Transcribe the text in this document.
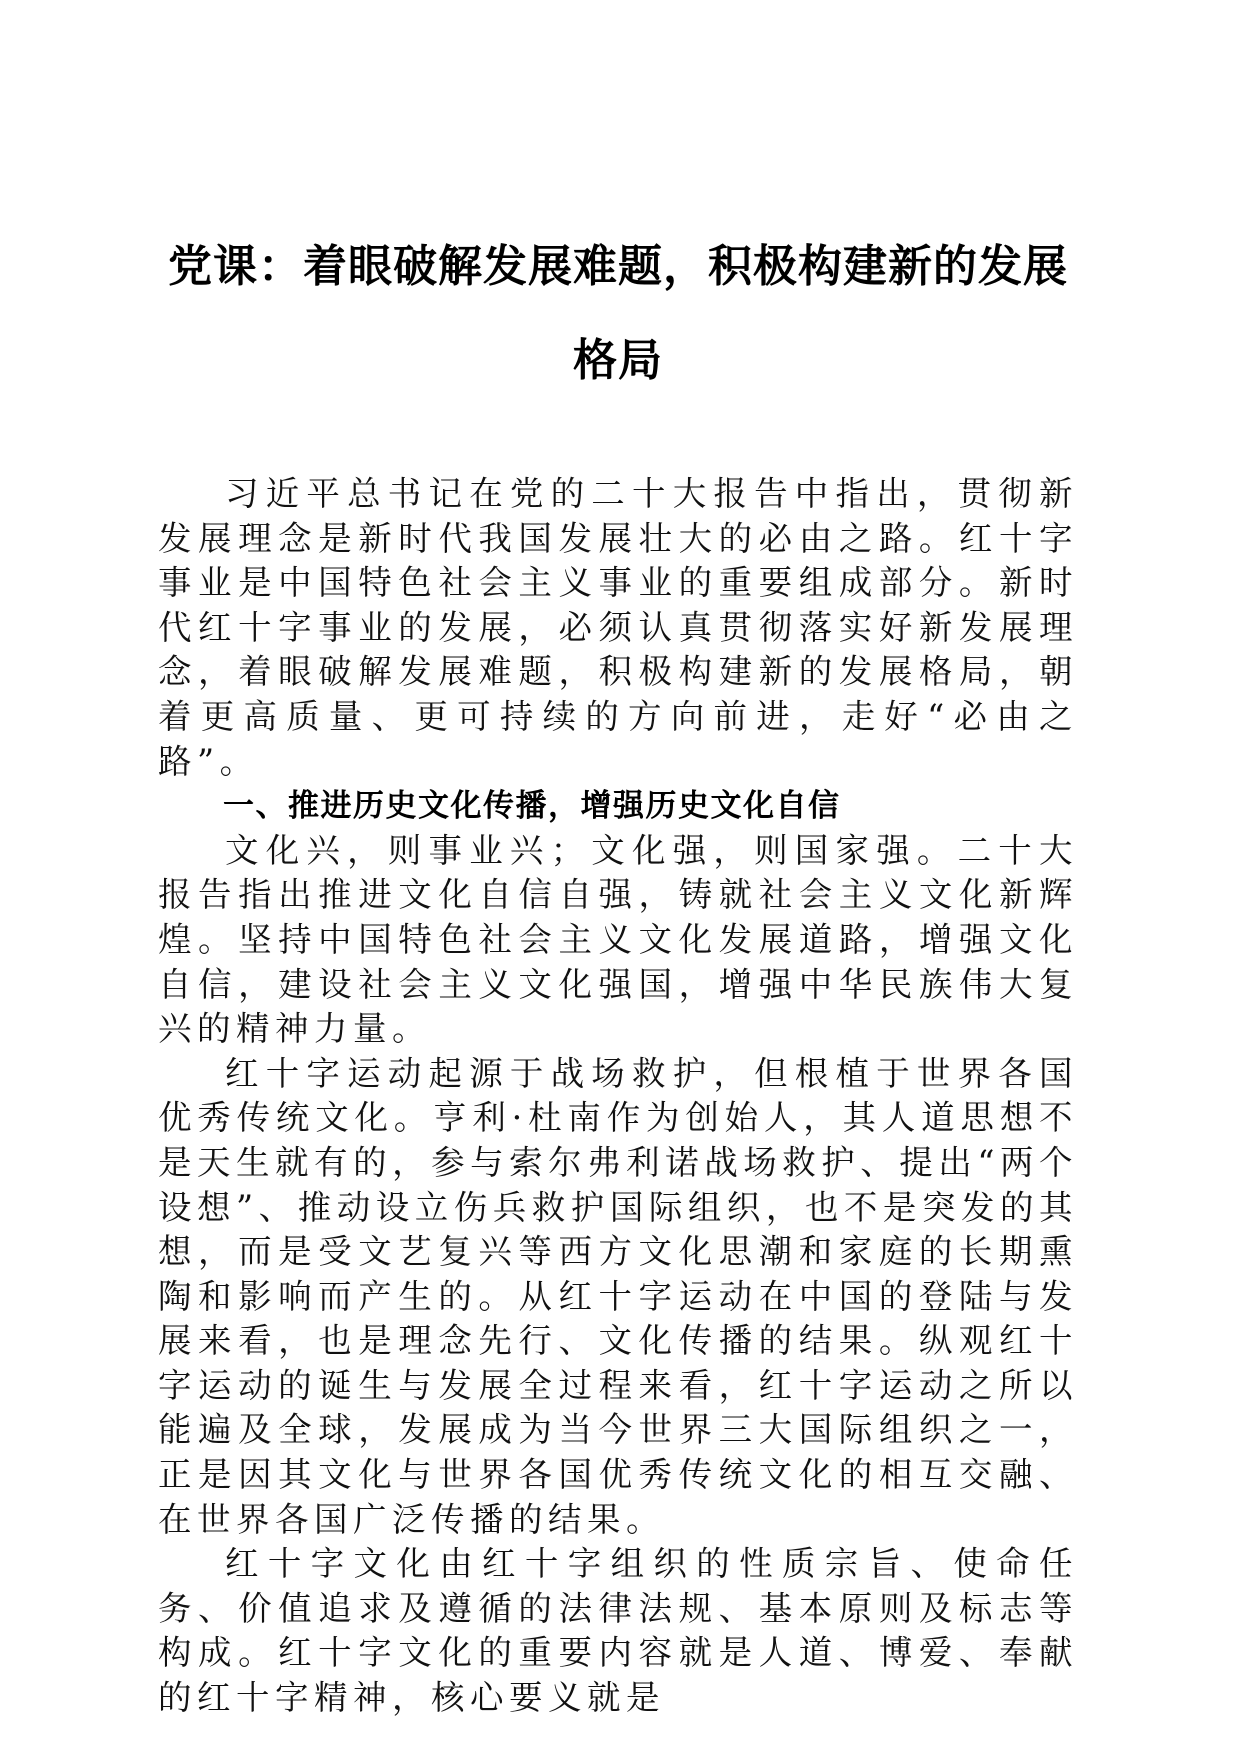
党课：着眼破解发展难题，积极构建新的发展
格局

习近平总书记在党的二十大报告中指出，贯彻新发展理念是新时代我国发展壮大的必由之路。红十字事业是中国特色社会主义事业的重要组成部分。新时代红十字事业的发展，必须认真贯彻落实好新发展理念，着眼破解发展难题，积极构建新的发展格局，朝着更高质量、更可持续的方向前进，走好“必由之路”。

一、推进历史文化传播，增强历史文化自信

文化兴，则事业兴；文化强，则国家强。二十大报告指出推进文化自信自强，铸就社会主义文化新辉煌。坚持中国特色社会主义文化发展道路，增强文化自信，建设社会主义文化强国，增强中华民族伟大复兴的精神力量。

红十字运动起源于战场救护，但根植于世界各国优秀传统文化。亨利·杜南作为创始人，其人道思想不是天生就有的，参与索尔弗利诺战场救护、提出“两个设想”、推动设立伤兵救护国际组织，也不是突发的其想，而是受文艺复兴等西方文化思潮和家庭的长期熏陶和影响而产生的。从红十字运动在中国的登陆与发展来看，也是理念先行、文化传播的结果。纵观红十字运动的诞生与发展全过程来看，红十字运动之所以能遍及全球，发展成为当今世界三大国际组织之一，正是因其文化与世界各国优秀传统文化的相互交融、在世界各国广泛传播的结果。

红十字文化由红十字组织的性质宗旨、使命任务、价值追求及遵循的法律法规、基本原则及标志等构成。红十字文化的重要内容就是人道、博爱、奉献的红十字精神，核心要义就是
